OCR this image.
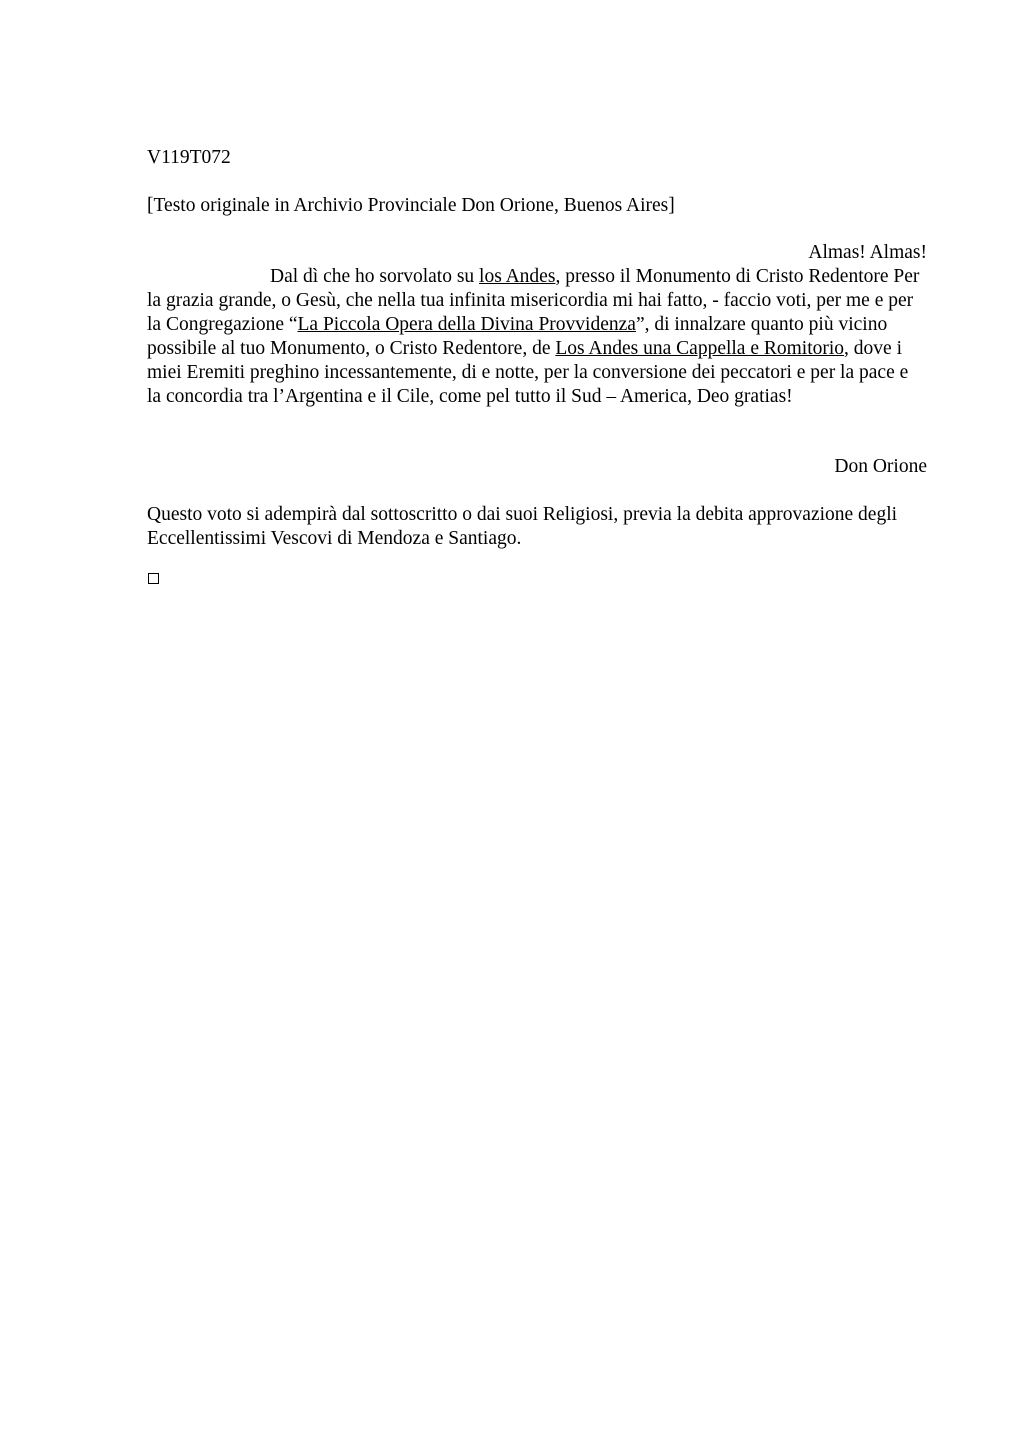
V119T072
[Testo originale in Archivio Provinciale Don Orione, Buenos Aires]
Almas! Almas!
Dal dì che ho sorvolato su los Andes, presso il Monumento di Cristo Redentore Per la grazia grande, o Gesù, che nella tua infinita misericordia mi hai fatto, - faccio voti, per me e per la Congregazione “La Piccola Opera della Divina Provvidenza”, di innalzare quanto più vicino possibile al tuo Monumento, o Cristo Redentore, de Los Andes una Cappella e Romitorio, dove i miei Eremiti preghino incessantemente, di e notte, per la conversione dei peccatori e per la pace e la concordia tra l’Argentina e il Cile, come pel tutto il Sud – America, Deo gratias!
Don Orione
Questo voto si adempirà dal sottoscritto o dai suoi Religiosi, previa la debita approvazione degli Eccellentissimi Vescovi di Mendoza e Santiago.
